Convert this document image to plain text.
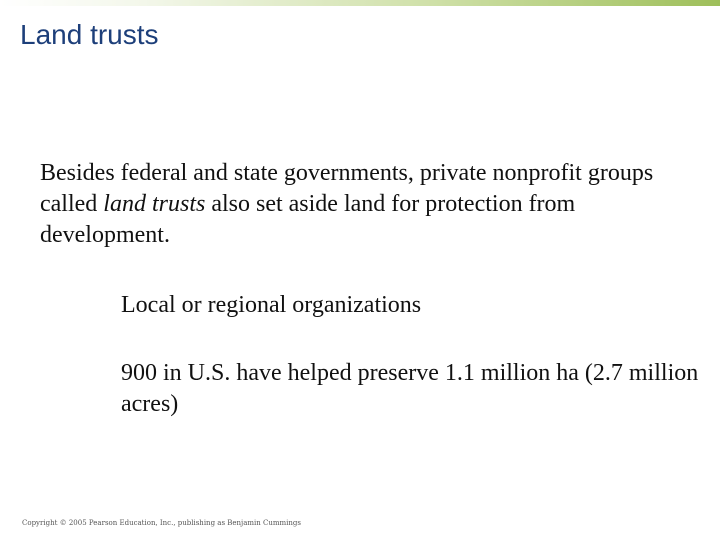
Land trusts

Besides federal and state governments, private nonprofit groups called land trusts also set aside land for protection from development.

Local or regional organizations

900 in U.S. have helped preserve 1.1 million ha (2.7 million acres)

Copyright © 2005 Pearson Education, Inc., publishing as Benjamin Cummings
